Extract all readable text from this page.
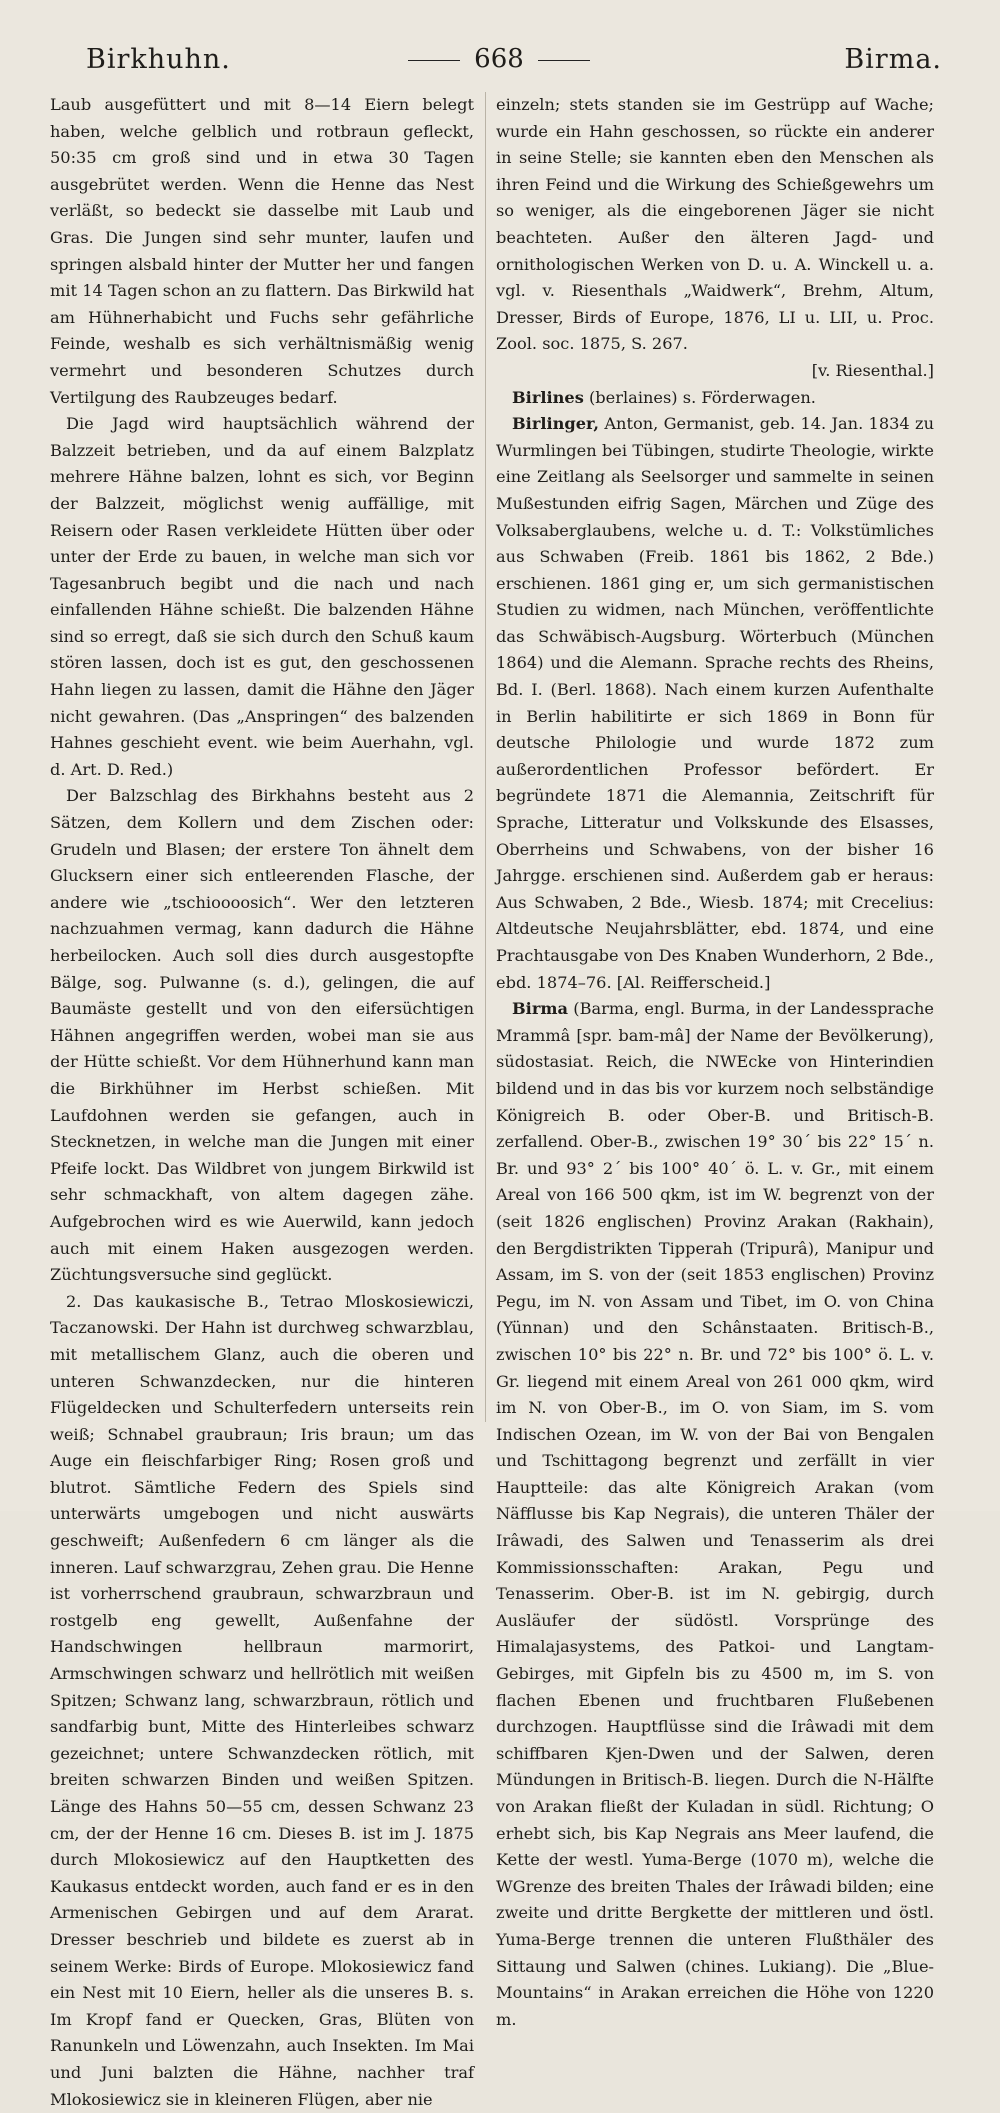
Birkhuhn.	668	Birma.

Laub ausgefüttert und mit 8—14 Eiern belegt haben, welche gelblich und rotbraun gefleckt, 50:35 cm groß sind und in etwa 30 Tagen ausgebrütet werden. Wenn die Henne das Nest verläßt, so bedeckt sie dasselbe mit Laub und Gras. Die Jungen sind sehr munter, laufen und springen alsbald hinter der Mutter her und fangen mit 14 Tagen schon an zu flattern. Das Birkwild hat am Hühnerhabicht und Fuchs sehr gefährliche Feinde, weshalb es sich verhältnismäßig wenig vermehrt und besonderen Schutzes durch Vertilgung des Raubzeuges bedarf.

Die Jagd wird hauptsächlich während der Balzzeit betrieben, und da auf einem Balzplatz mehrere Hähne balzen, lohnt es sich, vor Beginn der Balzzeit, möglichst wenig auffällige, mit Reisern oder Rasen verkleidete Hütten über oder unter der Erde zu bauen, in welche man sich vor Tagesanbruch begibt und die nach und nach einfallenden Hähne schießt. Die balzenden Hähne sind so erregt, daß sie sich durch den Schuß kaum stören lassen, doch ist es gut, den geschossenen Hahn liegen zu lassen, damit die Hähne den Jäger nicht gewahren. (Das „Anspringen“ des balzenden Hahnes geschieht event. wie beim Auerhahn, vgl. d. Art. D. Red.)

Der Balzschlag des Birkhahns besteht aus 2 Sätzen, dem Kollern und dem Zischen oder: Grudeln und Blasen; der erstere Ton ähnelt dem Glucksern einer sich entleerenden Flasche, der andere wie „tschioooosich“. Wer den letzteren nachzuahmen vermag, kann dadurch die Hähne herbeilocken. Auch soll dies durch ausgestopfte Bälge, sog. Pulwanne (s. d.), gelingen, die auf Baumäste gestellt und von den eifersüchtigen Hähnen angegriffen werden, wobei man sie aus der Hütte schießt. Vor dem Hühnerhund kann man die Birkhühner im Herbst schießen. Mit Laufdohnen werden sie gefangen, auch in Stecknetzen, in welche man die Jungen mit einer Pfeife lockt. Das Wildbret von jungem Birkwild ist sehr schmackhaft, von altem dagegen zähe. Aufgebrochen wird es wie Auerwild, kann jedoch auch mit einem Haken ausgezogen werden. Züchtungsversuche sind geglückt.

2. Das kaukasische B., Tetrao Mloskosiewiczi, Taczanowski. Der Hahn ist durchweg schwarzblau, mit metallischem Glanz, auch die oberen und unteren Schwanzdecken, nur die hinteren Flügeldecken und Schulterfedern unterseits rein weiß; Schnabel graubraun; Iris braun; um das Auge ein fleischfarbiger Ring; Rosen groß und blutrot. Sämtliche Federn des Spiels sind unterwärts umgebogen und nicht auswärts geschweift; Außenfedern 6 cm länger als die inneren. Lauf schwarzgrau, Zehen grau. Die Henne ist vorherrschend graubraun, schwarzbraun und rostgelb eng gewellt, Außenfahne der Handschwingen hellbraun marmorirt, Armschwingen schwarz und hellrötlich mit weißen Spitzen; Schwanz lang, schwarzbraun, rötlich und sandfarbig bunt, Mitte des Hinterleibes schwarz gezeichnet; untere Schwanzdecken rötlich, mit breiten schwarzen Binden und weißen Spitzen. Länge des Hahns 50—55 cm, dessen Schwanz 23 cm, der der Henne 16 cm. Dieses B. ist im J. 1875 durch Mlokosiewicz auf den Hauptketten des Kaukasus entdeckt worden, auch fand er es in den Armenischen Gebirgen und auf dem Ararat. Dresser beschrieb und bildete es zuerst ab in seinem Werke: Birds of Europe. Mlokosiewicz fand ein Nest mit 10 Eiern, heller als die unseres B. s. Im Kropf fand er Quecken, Gras, Blüten von Ranunkeln und Löwenzahn, auch Insekten. Im Mai und Juni balzten die Hähne, nachher traf Mlokosiewicz sie in kleineren Flügen, aber nie

einzeln; stets standen sie im Gestrüpp auf Wache; wurde ein Hahn geschossen, so rückte ein anderer in seine Stelle; sie kannten eben den Menschen als ihren Feind und die Wirkung des Schießgewehrs um so weniger, als die eingeborenen Jäger sie nicht beachteten. Außer den älteren Jagd- und ornithologischen Werken von D. u. A. Winckell u. a. vgl. v. Riesenthals „Waidwerk“, Brehm, Altum, Dresser, Birds of Europe, 1876, LI u. LII, u. Proc. Zool. soc. 1875, S. 267.

[v. Riesenthal.]

Birlines (berlaines) s. Förderwagen.

Birlinger, Anton, Germanist, geb. 14. Jan. 1834 zu Wurmlingen bei Tübingen, studirte Theologie, wirkte eine Zeitlang als Seelsorger und sammelte in seinen Mußestunden eifrig Sagen, Märchen und Züge des Volksaberglaubens, welche u. d. T.: Volkstümliches aus Schwaben (Freib. 1861 bis 1862, 2 Bde.) erschienen. 1861 ging er, um sich germanistischen Studien zu widmen, nach München, veröffentlichte das Schwäbisch-Augsburg. Wörterbuch (München 1864) und die Alemann. Sprache rechts des Rheins, Bd. I. (Berl. 1868). Nach einem kurzen Aufenthalte in Berlin habilitirte er sich 1869 in Bonn für deutsche Philologie und wurde 1872 zum außerordentlichen Professor befördert. Er begründete 1871 die Alemannia, Zeitschrift für Sprache, Litteratur und Volkskunde des Elsasses, Oberrheins und Schwabens, von der bisher 16 Jahrgge. erschienen sind. Außerdem gab er heraus: Aus Schwaben, 2 Bde., Wiesb. 1874; mit Crecelius: Altdeutsche Neujahrsblätter, ebd. 1874, und eine Prachtausgabe von Des Knaben Wunderhorn, 2 Bde., ebd. 1874–76. [Al. Reifferscheid.]

Birma (Barma, engl. Burma, in der Landessprache Mrammâ [spr. bam-mâ] der Name der Bevölkerung), südostasiat. Reich, die NWEcke von Hinterindien bildend und in das bis vor kurzem noch selbständige Königreich B. oder Ober-B. und Britisch-B. zerfallend. Ober-B., zwischen 19° 30´ bis 22° 15´ n. Br. und 93° 2´ bis 100° 40´ ö. L. v. Gr., mit einem Areal von 166 500 qkm, ist im W. begrenzt von der (seit 1826 englischen) Provinz Arakan (Rakhain), den Bergdistrikten Tipperah (Tripurâ), Manipur und Assam, im S. von der (seit 1853 englischen) Provinz Pegu, im N. von Assam und Tibet, im O. von China (Yünnan) und den Schânstaaten. Britisch-B., zwischen 10° bis 22° n. Br. und 72° bis 100° ö. L. v. Gr. liegend mit einem Areal von 261 000 qkm, wird im N. von Ober-B., im O. von Siam, im S. vom Indischen Ozean, im W. von der Bai von Bengalen und Tschittagong begrenzt und zerfällt in vier Hauptteile: das alte Königreich Arakan (vom Näfflusse bis Kap Negrais), die unteren Thäler der Irâwadi, des Salwen und Tenasserim als drei Kommissionsschaften: Arakan, Pegu und Tenasserim. Ober-B. ist im N. gebirgig, durch Ausläufer der südöstl. Vorsprünge des Himalajasystems, des Patkoi- und Langtam-Gebirges, mit Gipfeln bis zu 4500 m, im S. von flachen Ebenen und fruchtbaren Flußebenen durchzogen. Hauptflüsse sind die Irâwadi mit dem schiffbaren Kjen-Dwen und der Salwen, deren Mündungen in Britisch-B. liegen. Durch die N-Hälfte von Arakan fließt der Kuladan in südl. Richtung; O erhebt sich, bis Kap Negrais ans Meer laufend, die Kette der westl. Yuma-Berge (1070 m), welche die WGrenze des breiten Thales der Irâwadi bilden; eine zweite und dritte Bergkette der mittleren und östl. Yuma-Berge trennen die unteren Flußthäler des Sittaung und Salwen (chines. Lukiang). Die „Blue-Mountains“ in Arakan erreichen die Höhe von 1220 m.
